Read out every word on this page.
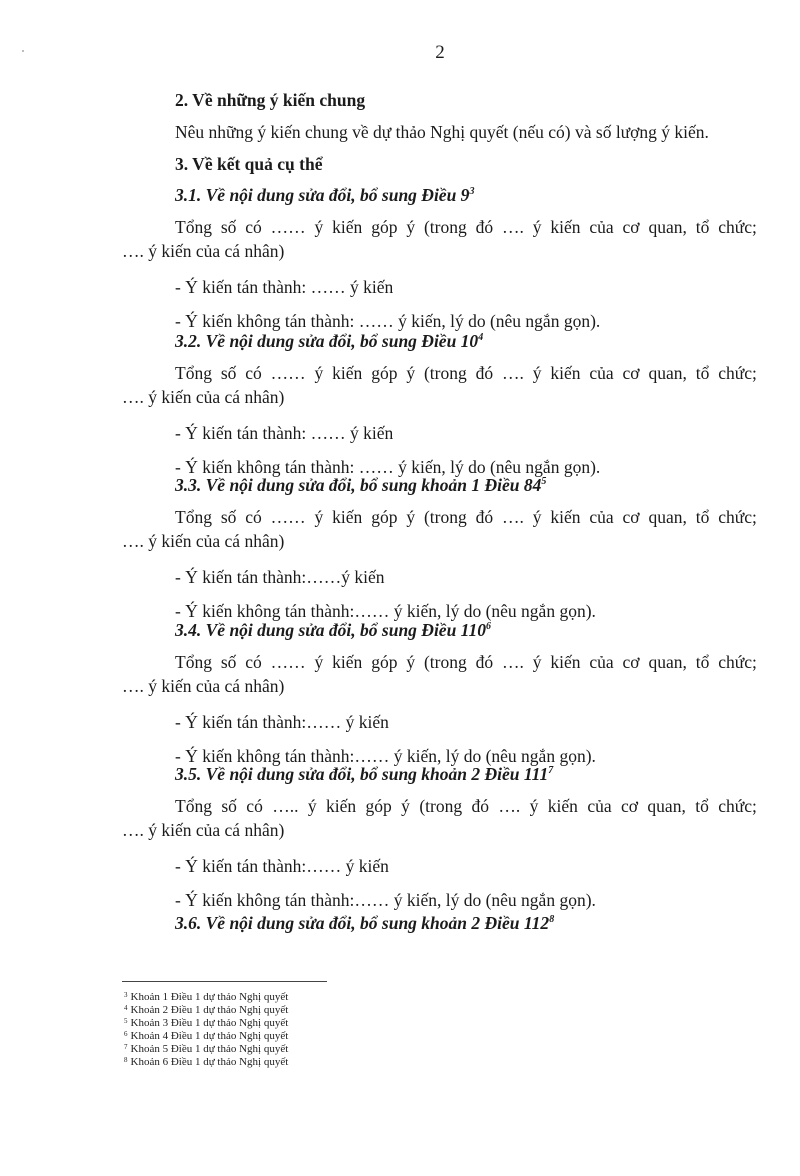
2
2. Về những ý kiến chung
Nêu những ý kiến chung về dự thảo Nghị quyết (nếu có) và số lượng ý kiến.
3. Về kết quả cụ thể
3.1. Về nội dung sửa đổi, bổ sung Điều $9^3$
Tổng số có …… ý kiến góp ý (trong đó …. ý kiến của cơ quan, tổ chức;
…. ý kiến của cá nhân)
- Ý kiến tán thành: …… ý kiến
- Ý kiến không tán thành: …… ý kiến, lý do (nêu ngắn gọn).
3.2. Về nội dung sửa đổi, bổ sung Điều $10^4$
Tổng số có …… ý kiến góp ý (trong đó …. ý kiến của cơ quan, tổ chức;
…. ý kiến của cá nhân)
- Ý kiến tán thành: …… ý kiến
- Ý kiến không tán thành: …… ý kiến, lý do (nêu ngắn gọn).
3.3. Về nội dung sửa đổi, bổ sung khoản 1 Điều $84^5$
Tổng số có …… ý kiến góp ý (trong đó …. ý kiến của cơ quan, tổ chức;
…. ý kiến của cá nhân)
- Ý kiến tán thành:……ý kiến
- Ý kiến không tán thành:…… ý kiến, lý do (nêu ngắn gọn).
3.4. Về nội dung sửa đổi, bổ sung Điều $110^6$
Tổng số có …… ý kiến góp ý (trong đó …. ý kiến của cơ quan, tổ chức;
…. ý kiến của cá nhân)
- Ý kiến tán thành:…… ý kiến
- Ý kiến không tán thành:…… ý kiến, lý do (nêu ngắn gọn).
3.5. Về nội dung sửa đổi, bổ sung khoản 2 Điều $111^7$
Tổng số có ….. ý kiến góp ý (trong đó …. ý kiến của cơ quan, tổ chức;
…. ý kiến của cá nhân)
- Ý kiến tán thành:…… ý kiến
- Ý kiến không tán thành:…… ý kiến, lý do (nêu ngắn gọn).
3.6. Về nội dung sửa đổi, bổ sung khoản 2 Điều $112^8$
$^3$ Khoản 1 Điều 1 dự thảo Nghị quyết
$^4$ Khoản 2 Điều 1 dự thảo Nghị quyết
$^5$ Khoản 3 Điều 1 dự thảo Nghị quyết
$^6$ Khoản 4 Điều 1 dự thảo Nghị quyết
$^7$ Khoản 5 Điều 1 dự thảo Nghị quyết
$^8$ Khoản 6 Điều 1 dự thảo Nghị quyết
